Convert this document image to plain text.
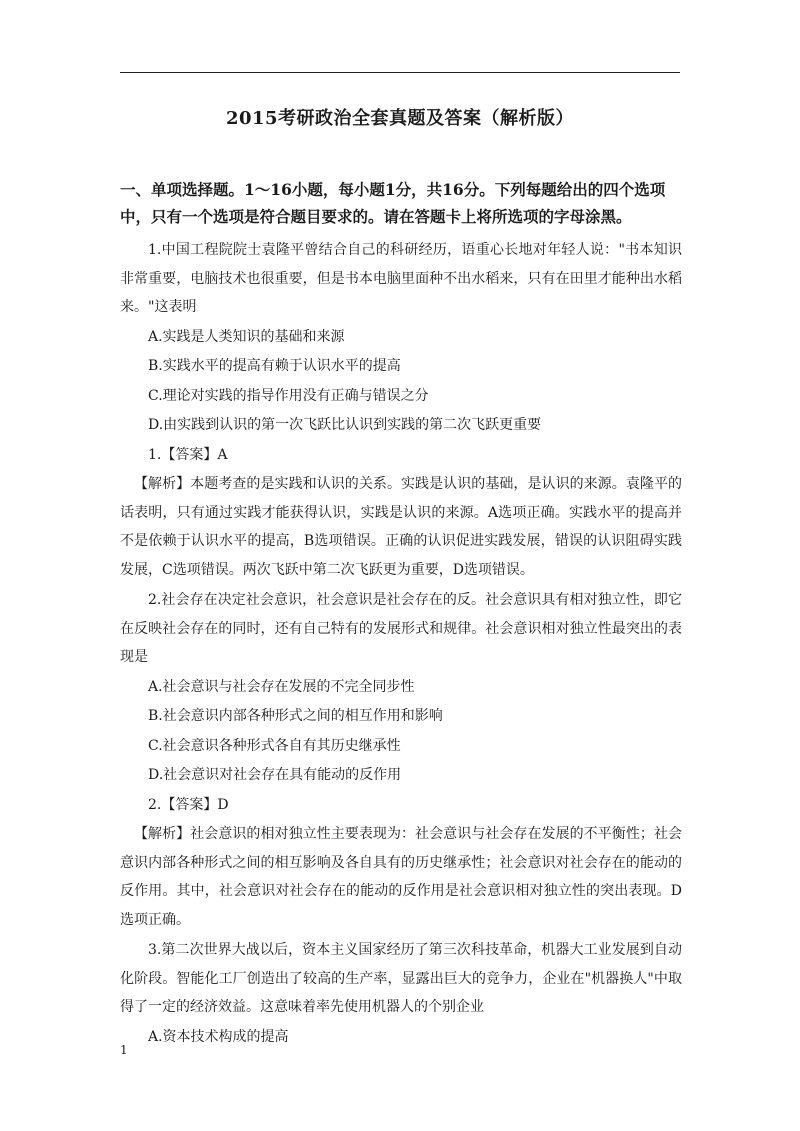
2015考研政治全套真题及答案（解析版）

一、单项选择题。1～16小题，每小题1分，共16分。下列每题给出的四个选项中，只有一个选项是符合题目要求的。请在答题卡上将所选项的字母涂黑。

1.中国工程院院士袁隆平曾结合自己的科研经历，语重心长地对年轻人说："书本知识非常重要，电脑技术也很重要，但是书本电脑里面种不出水稻来，只有在田里才能种出水稻来。"这表明

A.实践是人类知识的基础和来源

B.实践水平的提高有赖于认识水平的提高

C.理论对实践的指导作用没有正确与错误之分

D.由实践到认识的第一次飞跃比认识到实践的第二次飞跃更重要

1.【答案】A

【解析】本题考查的是实践和认识的关系。实践是认识的基础，是认识的来源。袁隆平的话表明，只有通过实践才能获得认识，实践是认识的来源。A选项正确。实践水平的提高并不是依赖于认识水平的提高，B选项错误。正确的认识促进实践发展，错误的认识阻碍实践发展，C选项错误。两次飞跃中第二次飞跃更为重要，D选项错误。

2.社会存在决定社会意识，社会意识是社会存在的反。社会意识具有相对独立性，即它在反映社会存在的同时，还有自己特有的发展形式和规律。社会意识相对独立性最突出的表现是

A.社会意识与社会存在发展的不完全同步性

B.社会意识内部各种形式之间的相互作用和影响

C.社会意识各种形式各自有其历史继承性

D.社会意识对社会存在具有能动的反作用

2.【答案】D

【解析】社会意识的相对独立性主要表现为：社会意识与社会存在发展的不平衡性；社会意识内部各种形式之间的相互影响及各自具有的历史继承性；社会意识对社会存在的能动的反作用。其中，社会意识对社会存在的能动的反作用是社会意识相对独立性的突出表现。D选项正确。

3.第二次世界大战以后，资本主义国家经历了第三次科技革命，机器大工业发展到自动化阶段。智能化工厂创造出了较高的生产率，显露出巨大的竞争力，企业在"机器换人"中取得了一定的经济效益。这意味着率先使用机器人的个别企业

A.资本技术构成的提高

1
